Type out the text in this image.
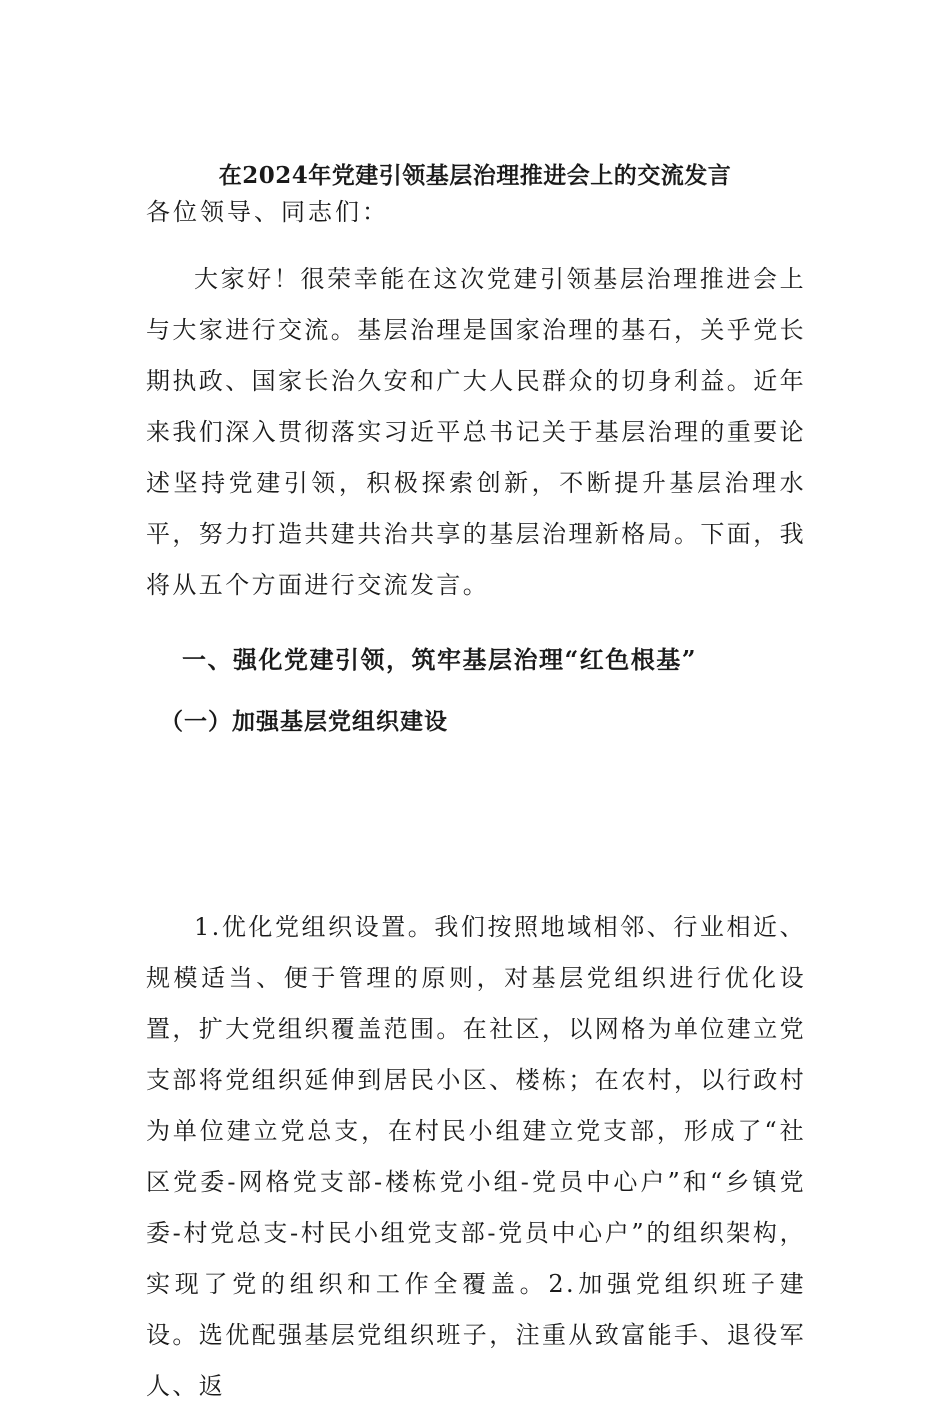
在2024年党建引领基层治理推进会上的交流发言
各位领导、同志们：
大家好！很荣幸能在这次党建引领基层治理推进会上与大家进行交流。基层治理是国家治理的基石，关乎党长期执政、国家长治久安和广大人民群众的切身利益。近年来我们深入贯彻落实习近平总书记关于基层治理的重要论述坚持党建引领，积极探索创新，不断提升基层治理水平，努力打造共建共治共享的基层治理新格局。下面，我将从五个方面进行交流发言。
一、强化党建引领，筑牢基层治理“红色根基”
（一）加强基层党组织建设
1.优化党组织设置。我们按照地域相邻、行业相近、规模适当、便于管理的原则，对基层党组织进行优化设置，扩大党组织覆盖范围。在社区，以网格为单位建立党支部将党组织延伸到居民小区、楼栋；在农村，以行政村为单位建立党总支，在村民小组建立党支部，形成了“社区党委-网格党支部-楼栋党小组-党员中心户”和“乡镇党委-村党总支-村民小组党支部-党员中心户”的组织架构，实现了党的组织和工作全覆盖。2.加强党组织班子建设。选优配强基层党组织班子，注重从致富能手、退役军人、返
